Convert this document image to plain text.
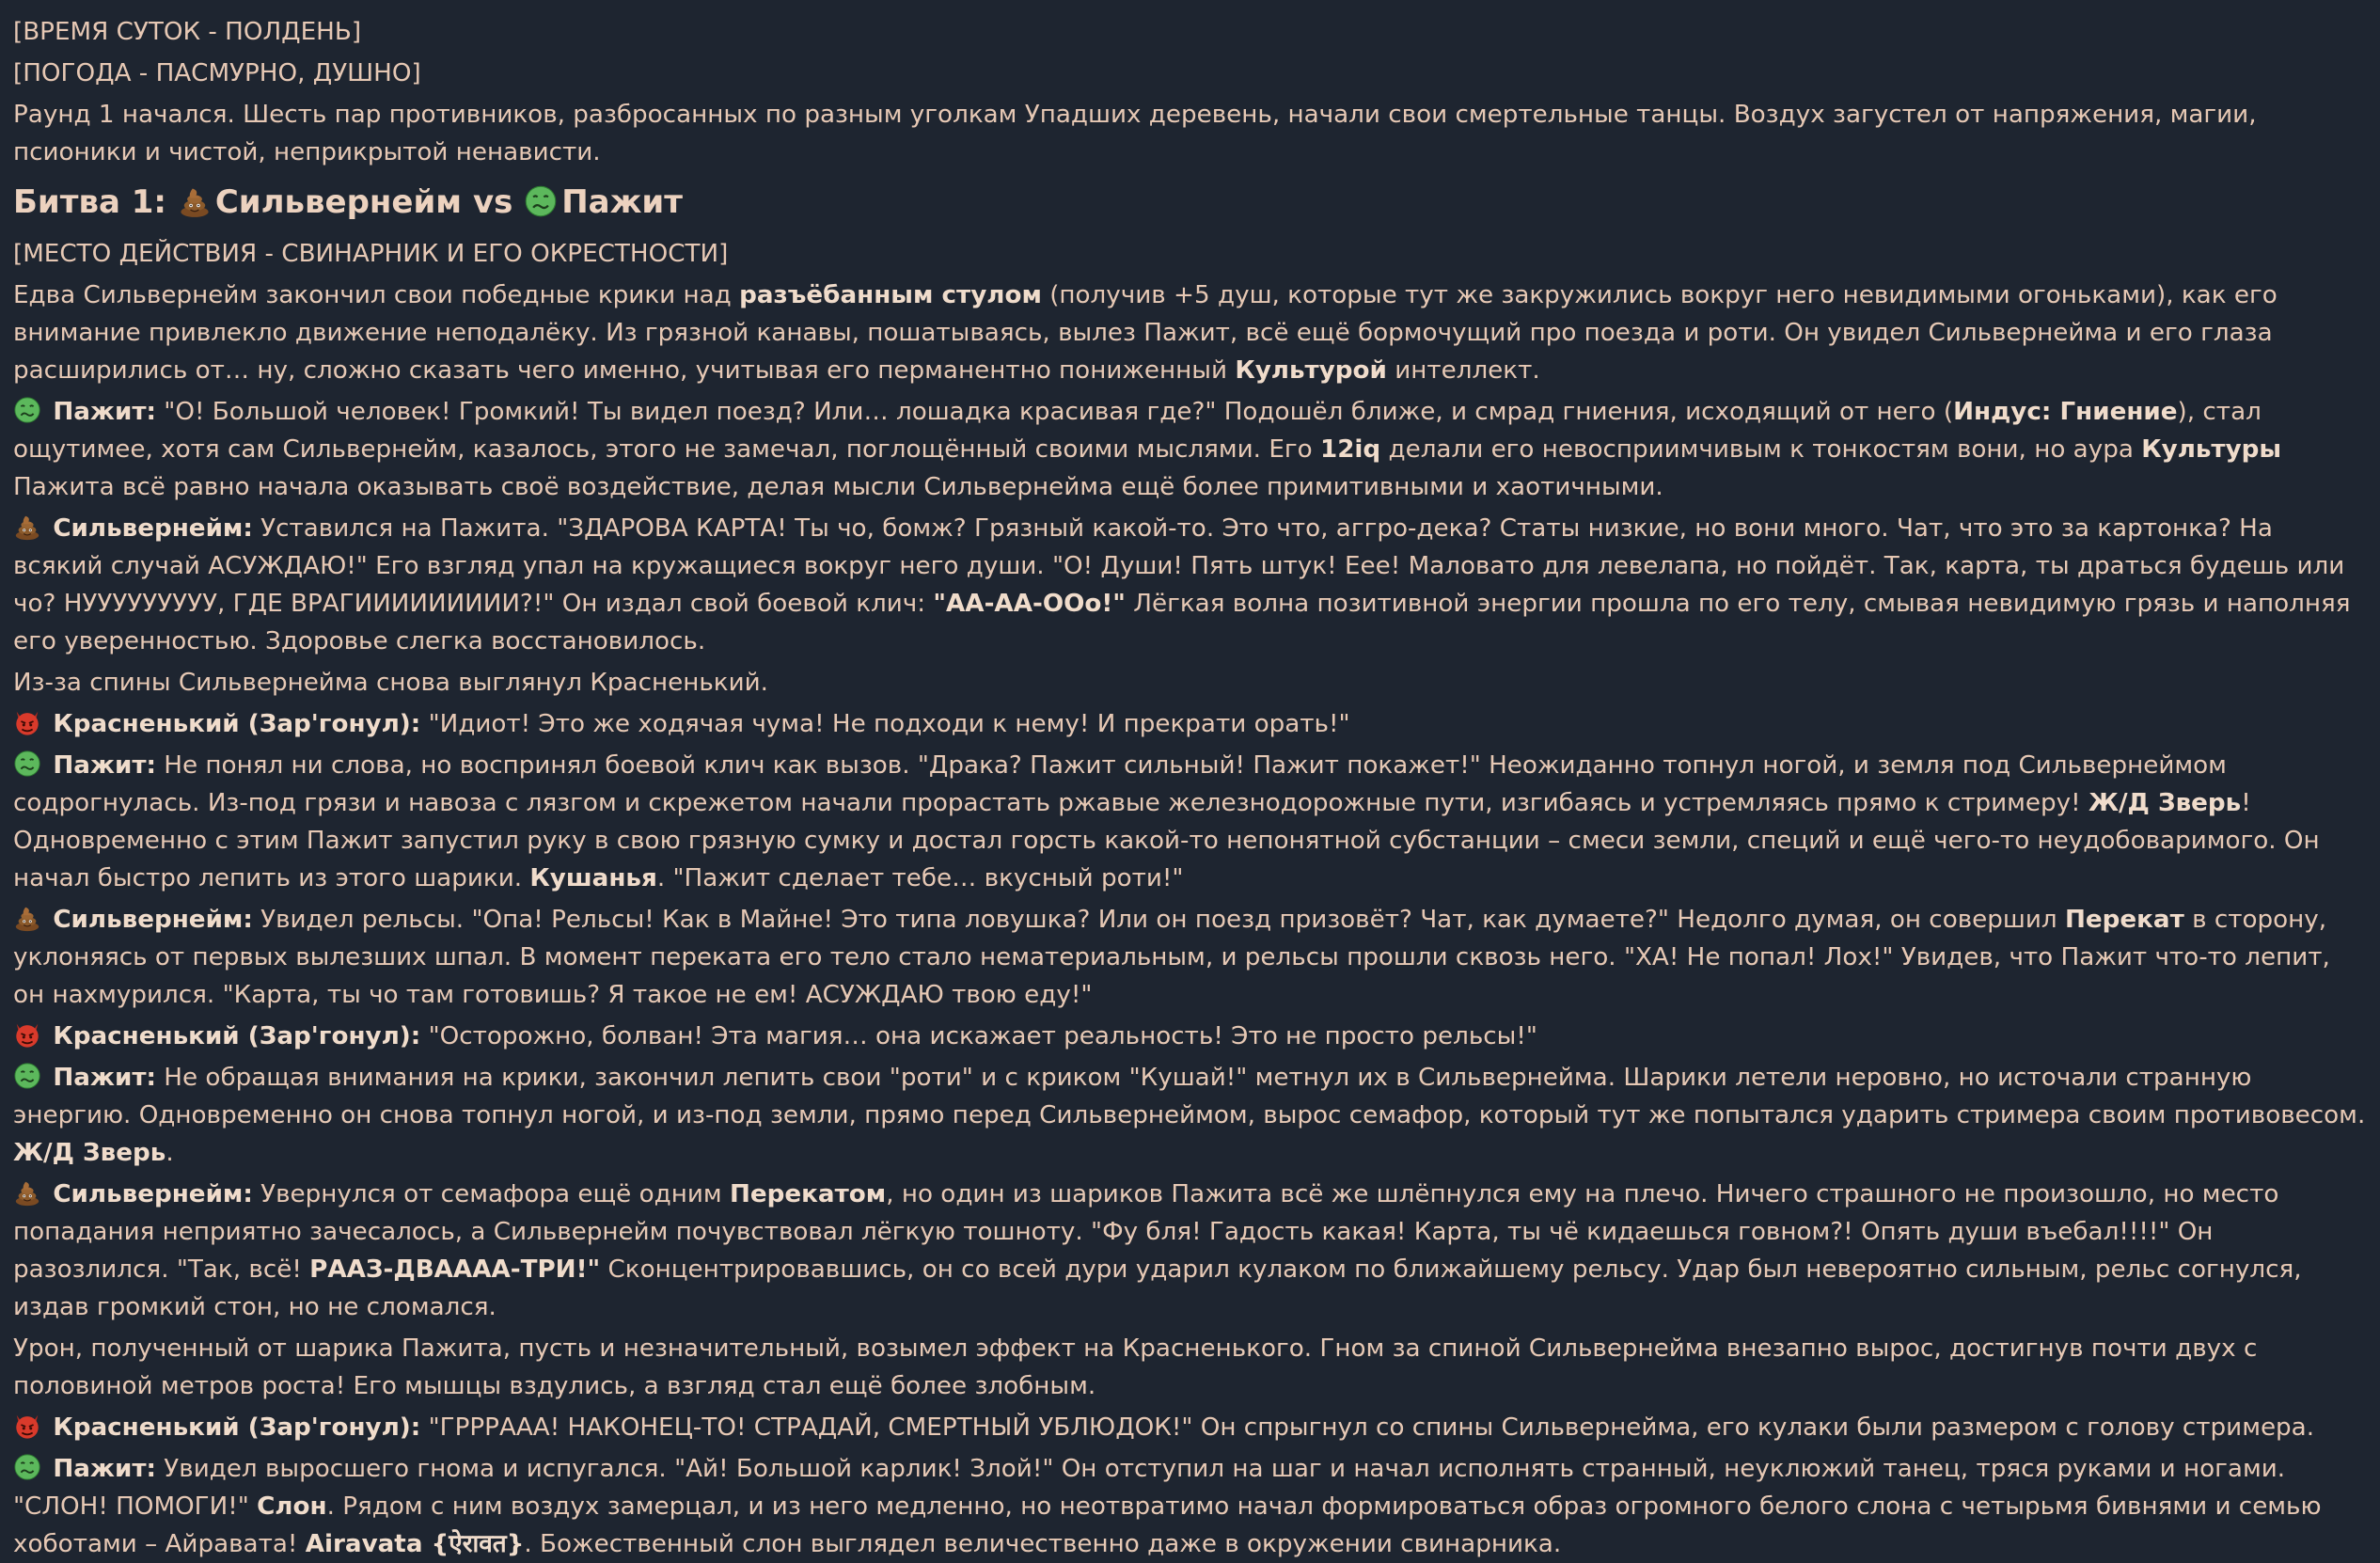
[ВРЕМЯ СУТОК - ПОЛДЕНЬ]

[ПОГОДА - ПАСМУРНО, ДУШНО]

Раунд 1 начался. Шесть пар противников, разбросанных по разным уголкам Упадших деревень, начали свои смертельные танцы. Воздух загустел от напряжения, магии, псионики и чистой, неприкрытой ненависти.

Битва 1:
Сильвернейм vs
Пажит

[МЕСТО ДЕЙСТВИЯ - СВИНАРНИК И ЕГО ОКРЕСТНОСТИ]

Едва Сильвернейм закончил свои победные крики над разъёбанным стулом (получив +5 душ, которые тут же закружились вокруг него невидимыми огоньками), как его внимание привлекло движение неподалёку. Из грязной канавы, пошатываясь, вылез Пажит, всё ещё бормочущий про поезда и роти. Он увидел Сильвернейма и его глаза расширились от… ну, сложно сказать чего именно, учитывая его перманентно пониженный Культурой интеллект.

Пажит: "О! Большой человек! Громкий! Ты видел поезд? Или… лошадка красивая где?" Подошёл ближе, и смрад гниения, исходящий от него (Индус: Гниение), стал ощутимее, хотя сам Сильвернейм, казалось, этого не замечал, поглощённый своими мыслями. Его 12iq делали его невосприимчивым к тонкостям вони, но аура Культуры Пажита всё равно начала оказывать своё воздействие, делая мысли Сильвернейма ещё более примитивными и хаотичными.

Сильвернейм: Уставился на Пажита. "ЗДАРОВА КАРТА! Ты чо, бомж? Грязный какой-то. Это что, аггро-дека? Статы низкие, но вони много. Чат, что это за картонка? На всякий случай АСУЖДАЮ!" Его взгляд упал на кружащиеся вокруг него души. "О! Души! Пять штук! Еее! Маловато для левелапа, но пойдёт. Так, карта, ты драться будешь или чо? НУУУУУУУУУ, ГДЕ ВРАГИИИИИИИИИ?!" Он издал свой боевой клич: "АА-АА-ООо!" Лёгкая волна позитивной энергии прошла по его телу, смывая невидимую грязь и наполняя его уверенностью. Здоровье слегка восстановилось.

Из-за спины Сильвернейма снова выглянул Красненький.

Красненький (Зар'гонул): "Идиот! Это же ходячая чума! Не подходи к нему! И прекрати орать!"

Пажит: Не понял ни слова, но воспринял боевой клич как вызов. "Драка? Пажит сильный! Пажит покажет!" Неожиданно топнул ногой, и земля под Сильвернеймом содрогнулась. Из-под грязи и навоза с лязгом и скрежетом начали прорастать ржавые железнодорожные пути, изгибаясь и устремляясь прямо к стримеру! Ж/Д Зверь! Одновременно с этим Пажит запустил руку в свою грязную сумку и достал горсть какой-то непонятной субстанции – смеси земли, специй и ещё чего-то неудобоваримого. Он начал быстро лепить из этого шарики. Кушанья. "Пажит сделает тебе… вкусный роти!"

Сильвернейм: Увидел рельсы. "Опа! Рельсы! Как в Майне! Это типа ловушка? Или он поезд призовёт? Чат, как думаете?" Недолго думая, он совершил Перекат в сторону, уклоняясь от первых вылезших шпал. В момент переката его тело стало нематериальным, и рельсы прошли сквозь него. "ХА! Не попал! Лох!" Увидев, что Пажит что-то лепит, он нахмурился. "Карта, ты чо там готовишь? Я такое не ем! АСУЖДАЮ твою еду!"

Красненький (Зар'гонул): "Осторожно, болван! Эта магия… она искажает реальность! Это не просто рельсы!"

Пажит: Не обращая внимания на крики, закончил лепить свои "роти" и с криком "Кушай!" метнул их в Сильвернейма. Шарики летели неровно, но источали странную энергию. Одновременно он снова топнул ногой, и из-под земли, прямо перед Сильвернеймом, вырос семафор, который тут же попытался ударить стримера своим противовесом. Ж/Д Зверь.

Сильвернейм: Увернулся от семафора ещё одним Перекатом, но один из шариков Пажита всё же шлёпнулся ему на плечо. Ничего страшного не произошло, но место попадания неприятно зачесалось, а Сильвернейм почувствовал лёгкую тошноту. "Фу бля! Гадость какая! Карта, ты чё кидаешься говном?! Опять души въебал!!!!" Он разозлился. "Так, всё! РААЗ-ДВАААА-ТРИ!" Сконцентрировавшись, он со всей дури ударил кулаком по ближайшему рельсу. Удар был невероятно сильным, рельс согнулся, издав громкий стон, но не сломался.

Урон, полученный от шарика Пажита, пусть и незначительный, возымел эффект на Красненького. Гном за спиной Сильвернейма внезапно вырос, достигнув почти двух с половиной метров роста! Его мышцы вздулись, а взгляд стал ещё более злобным.

Красненький (Зар'гонул): "ГРРРААА! НАКОНЕЦ-ТО! СТРАДАЙ, СМЕРТНЫЙ УБЛЮДОК!" Он спрыгнул со спины Сильвернейма, его кулаки были размером с голову стримера.

Пажит: Увидел выросшего гнома и испугался. "Ай! Большой карлик! Злой!" Он отступил на шаг и начал исполнять странный, неуклюжий танец, тряся руками и ногами. "СЛОН! ПОМОГИ!" Слон. Рядом с ним воздух замерцал, и из него медленно, но неотвратимо начал формироваться образ огромного белого слона с четырьмя бивнями и семью хоботами – Айравата! Airavata {ऐरावत}. Божественный слон выглядел величественно даже в окружении свинарника.
